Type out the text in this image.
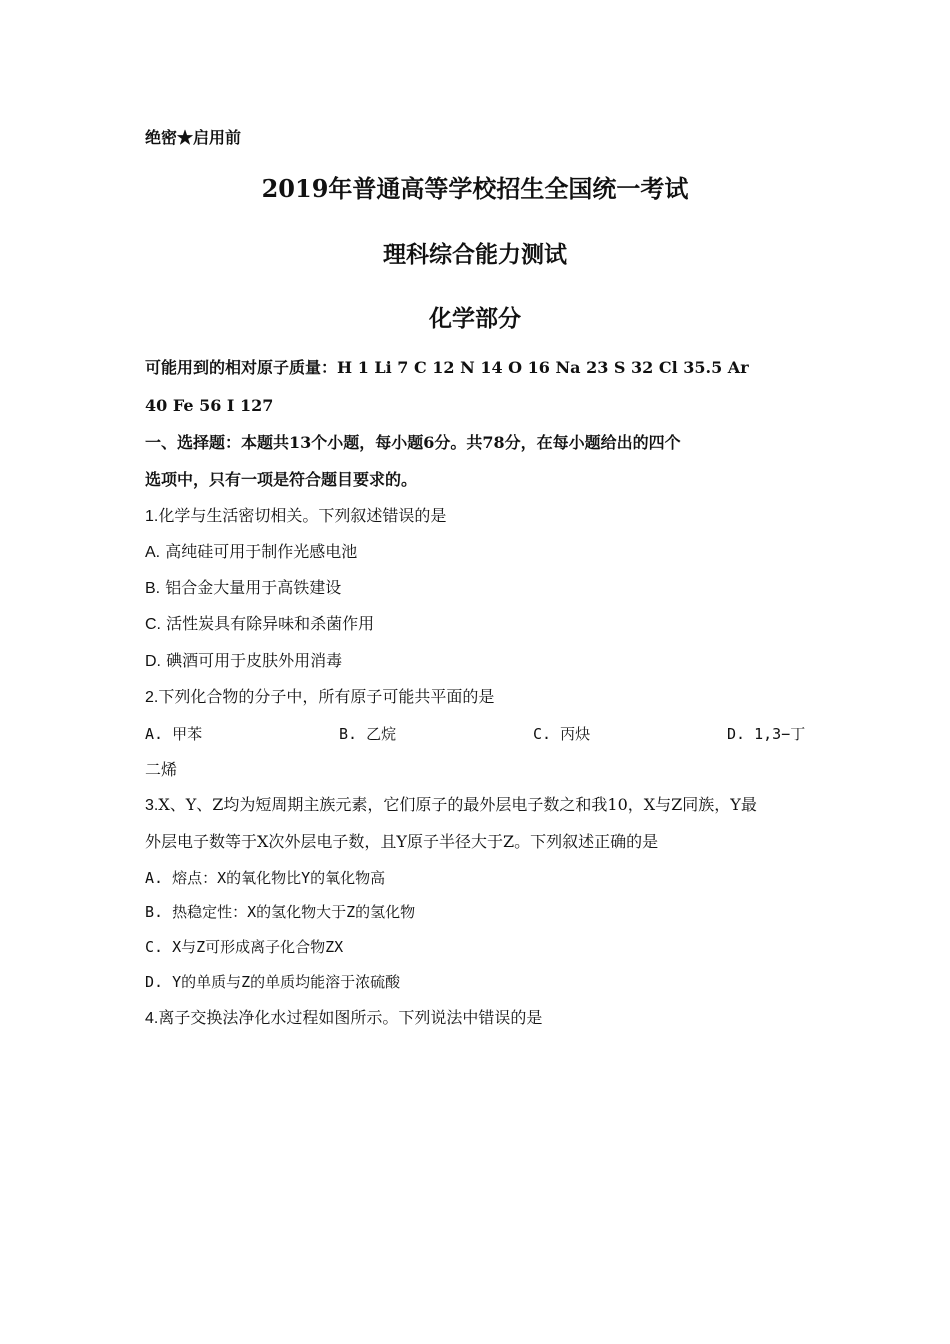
绝密★启用前
2019年普通高等学校招生全国统一考试
理科综合能力测试
化学部分
可能用到的相对原子质量：H 1 Li 7 C 12 N 14 O 16 Na 23 S 32 Cl 35.5 Ar
40 Fe 56 I 127
一、选择题：本题共13个小题，每小题6分。共78分，在每小题给出的四个
选项中，只有一项是符合题目要求的。
1.化学与生活密切相关。下列叙述错误的是
A. 高纯硅可用于制作光感电池
B. 铝合金大量用于高铁建设
C. 活性炭具有除异味和杀菌作用
D. 碘酒可用于皮肤外用消毒
2.下列化合物的分子中，所有原子可能共平面的是
A. 甲苯	B. 乙烷	C. 丙炔	D. 1,3−丁
二烯
3.X、Y、Z均为短周期主族元素，它们原子的最外层电子数之和我10，X与Z同族，Y最
外层电子数等于X次外层电子数，且Y原子半径大于Z。下列叙述正确的是
A. 熔点：X的氧化物比Y的氧化物高
B. 热稳定性：X的氢化物大于Z的氢化物
C. X与Z可形成离子化合物ZX
D. Y的单质与Z的单质均能溶于浓硫酸
4.离子交换法净化水过程如图所示。下列说法中错误的是
